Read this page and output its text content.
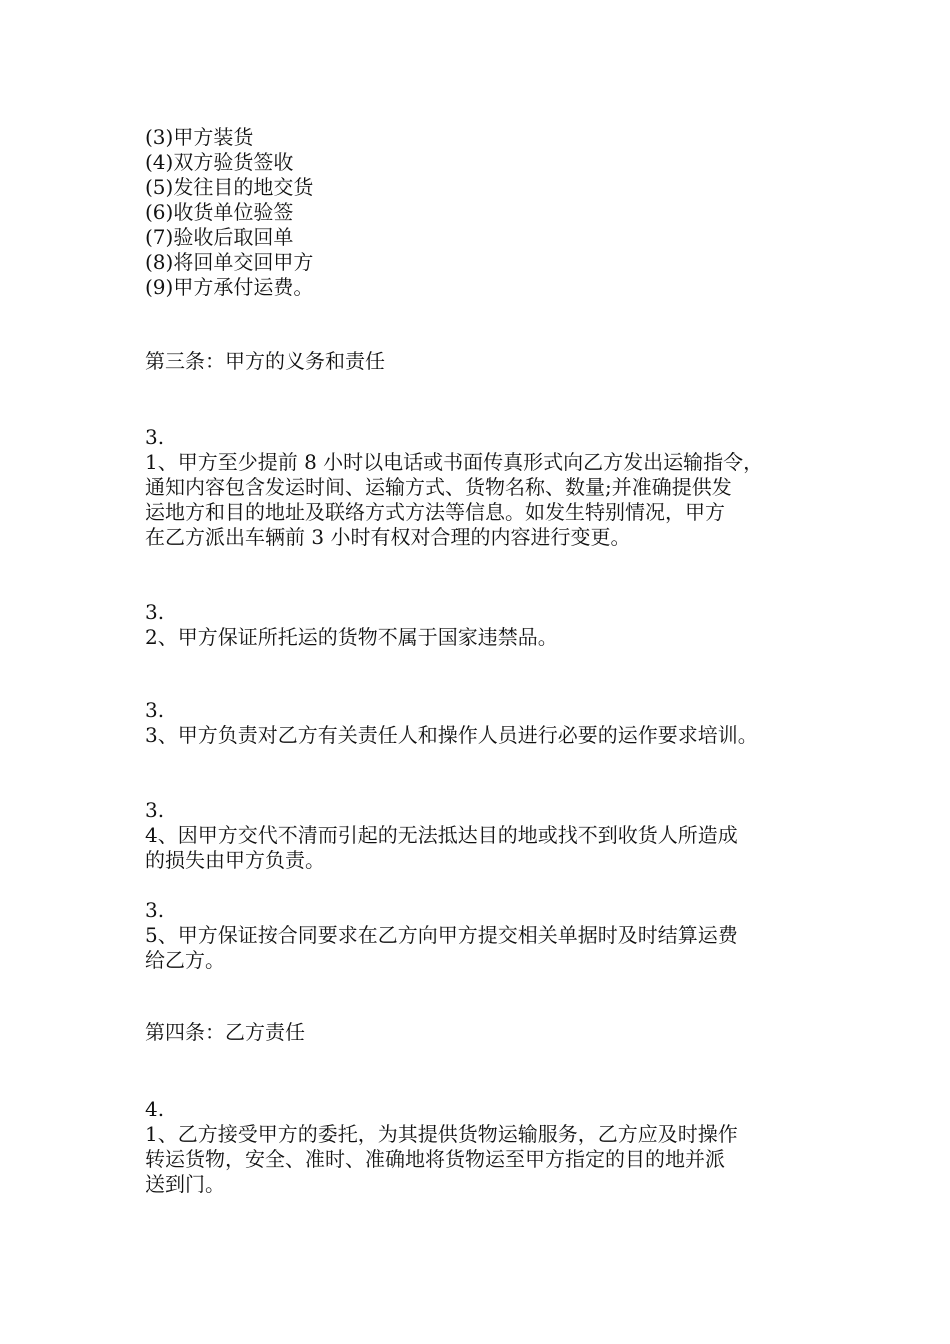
(3)甲方装货
(4)双方验货签收
(5)发往目的地交货
(6)收货单位验签
(7)验收后取回单
(8)将回单交回甲方
(9)甲方承付运费。
第三条：甲方的义务和责任
3.
1、甲方至少提前 8 小时以电话或书面传真形式向乙方发出运输指令，
通知内容包含发运时间、运输方式、货物名称、数量;并准确提供发
运地方和目的地址及联络方式方法等信息。如发生特别情况，甲方
在乙方派出车辆前 3 小时有权对合理的内容进行变更。
3.
2、甲方保证所托运的货物不属于国家违禁品。
3.
3、甲方负责对乙方有关责任人和操作人员进行必要的运作要求培训。
3.
4、因甲方交代不清而引起的无法抵达目的地或找不到收货人所造成
的损失由甲方负责。
3.
5、甲方保证按合同要求在乙方向甲方提交相关单据时及时结算运费
给乙方。
第四条：乙方责任
4.
1、乙方接受甲方的委托，为其提供货物运输服务，乙方应及时操作
转运货物，安全、准时、准确地将货物运至甲方指定的目的地并派
送到门。
